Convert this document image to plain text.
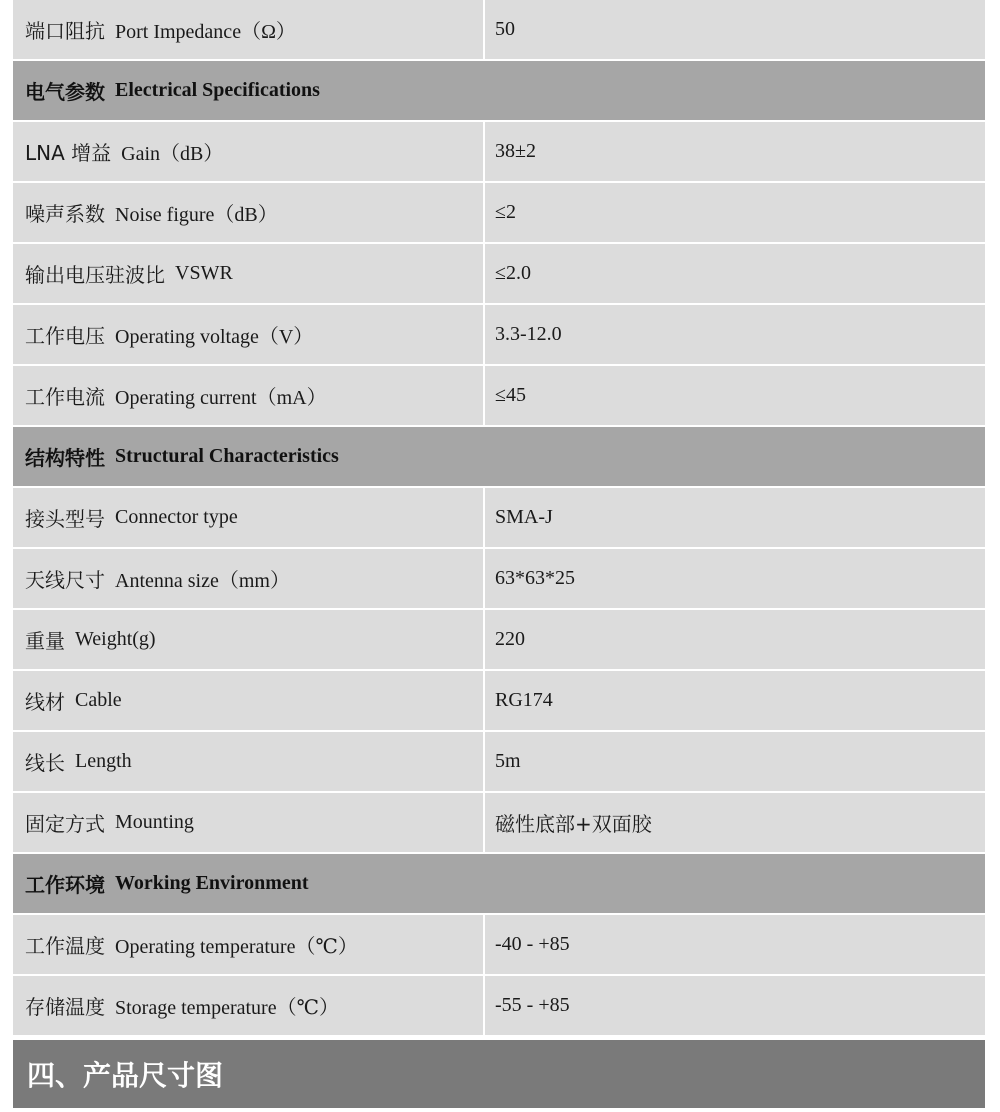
端口阻抗 Port Impedance（Ω）	50
电气参数 Electrical Specifications
LNA 增益 Gain（dB）	38±2
噪声系数 Noise figure（dB）	≤2
输出电压驻波比 VSWR	≤2.0
工作电压 Operating voltage（V）	3.3-12.0
工作电流 Operating current（mA）	≤45
结构特性 Structural Characteristics
接头型号 Connector type	SMA-J
天线尺寸 Antenna size（mm）	63*63*25
重量 Weight(g)	220
线材 Cable	RG174
线长 Length	5m
固定方式 Mounting	磁性底部+双面胶
工作环境 Working Environment
工作温度 Operating temperature（℃）	-40 - +85
存储温度 Storage temperature（℃）	-55 - +85
四、产品尺寸图
